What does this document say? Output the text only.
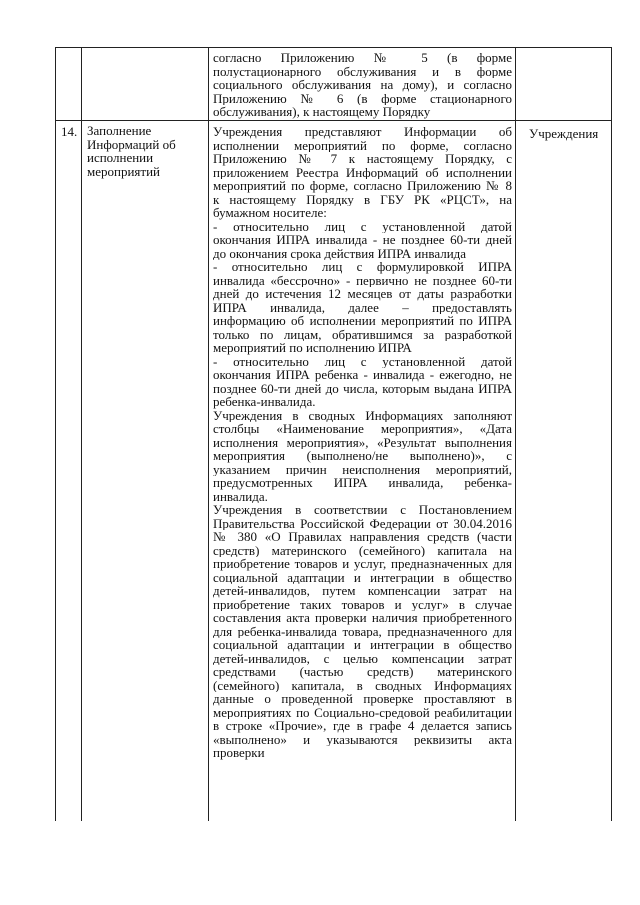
согласно Приложению № 5 (в форме
полустационарного обслуживания и в форме
социального обслуживания на дому), и согласно
Приложению № 6 (в форме стационарного
обслуживания), к настоящему Порядку
14. Заполнение
Информаций об
исполнении
мероприятий
Учреждения представляют Информации об
исполнении мероприятий по форме, согласно
Приложению № 7 к настоящему Порядку, с
приложением Реестра Информаций об исполнении
мероприятий по форме, согласно Приложению № 8
к настоящему Порядку в ГБУ РК «РЦСТ», на
бумажном носителе:
- относительно лиц с установленной датой
окончания ИПРА инвалида - не позднее 60-ти дней
до окончания срока действия ИПРА инвалида
- относительно лиц с формулировкой ИПРА
инвалида «бессрочно» - первично не позднее 60-ти
дней до истечения 12 месяцев от даты разработки
ИПРА инвалида, далее – предоставлять
информацию об исполнении мероприятий по ИПРА
только по лицам, обратившимся за разработкой
мероприятий по исполнению ИПРА
- относительно лиц с установленной датой
окончания ИПРА ребенка - инвалида - ежегодно, не
позднее 60-ти дней до числа, которым выдана ИПРА
ребенка-инвалида.
Учреждения в сводных Информациях заполняют
столбцы «Наименование мероприятия», «Дата
исполнения мероприятия», «Результат выполнения
мероприятия (выполнено/не выполнено)», с
указанием причин неисполнения мероприятий,
предусмотренных ИПРА инвалида, ребенка-
инвалида.
Учреждения в соответствии с Постановлением
Правительства Российской Федерации от 30.04.2016
№ 380 «О Правилах направления средств (части
средств) материнского (семейного) капитала на
приобретение товаров и услуг, предназначенных для
социальной адаптации и интеграции в общество
детей-инвалидов, путем компенсации затрат на
приобретение таких товаров и услуг» в случае
составления акта проверки наличия приобретенного
для ребенка-инвалида товара, предназначенного для
социальной адаптации и интеграции в общество
детей-инвалидов, с целью компенсации затрат
средствами (частью средств) материнского
(семейного) капитала, в сводных Информациях
данные о проведенной проверке проставляют в
мероприятиях по Социально-средовой реабилитации
в строке «Прочие», где в графе 4 делается запись
«выполнено» и указываются реквизиты акта
проверки
Учреждения
